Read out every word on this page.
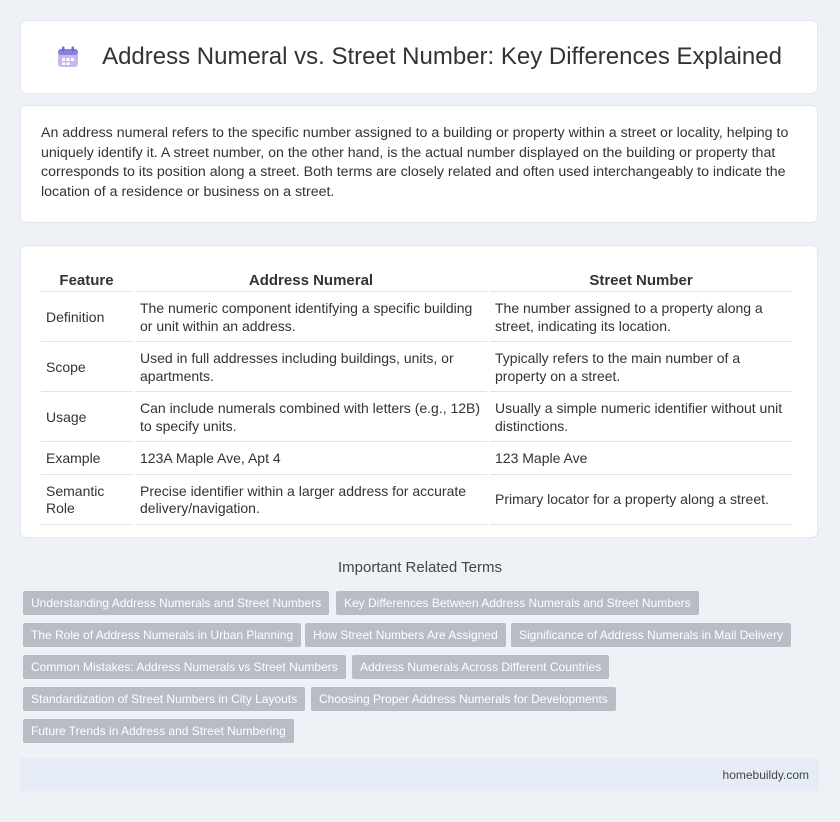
Address Numeral vs. Street Number: Key Differences Explained

An address numeral refers to the specific number assigned to a building or property within a street or locality, helping to uniquely identify it. A street number, on the other hand, is the actual number displayed on the building or property that corresponds to its position along a street. Both terms are closely related and often used interchangeably to indicate the location of a residence or business on a street.

Feature	Address Numeral	Street Number
Definition	The numeric component identifying a specific building or unit within an address.	The number assigned to a property along a street, indicating its location.
Scope	Used in full addresses including buildings, units, or apartments.	Typically refers to the main number of a property on a street.
Usage	Can include numerals combined with letters (e.g., 12B) to specify units.	Usually a simple numeric identifier without unit distinctions.
Example	123A Maple Ave, Apt 4	123 Maple Ave
Semantic Role	Precise identifier within a larger address for accurate delivery/navigation.	Primary locator for a property along a street.
Important Related Terms
Understanding Address Numerals and Street Numbers	Key Differences Between Address Numerals and Street Numbers
The Role of Address Numerals in Urban Planning	How Street Numbers Are Assigned	Significance of Address Numerals in Mail Delivery
Common Mistakes: Address Numerals vs Street Numbers	Address Numerals Across Different Countries
Standardization of Street Numbers in City Layouts	Choosing Proper Address Numerals for Developments
Future Trends in Address and Street Numbering
homebuildy.com
